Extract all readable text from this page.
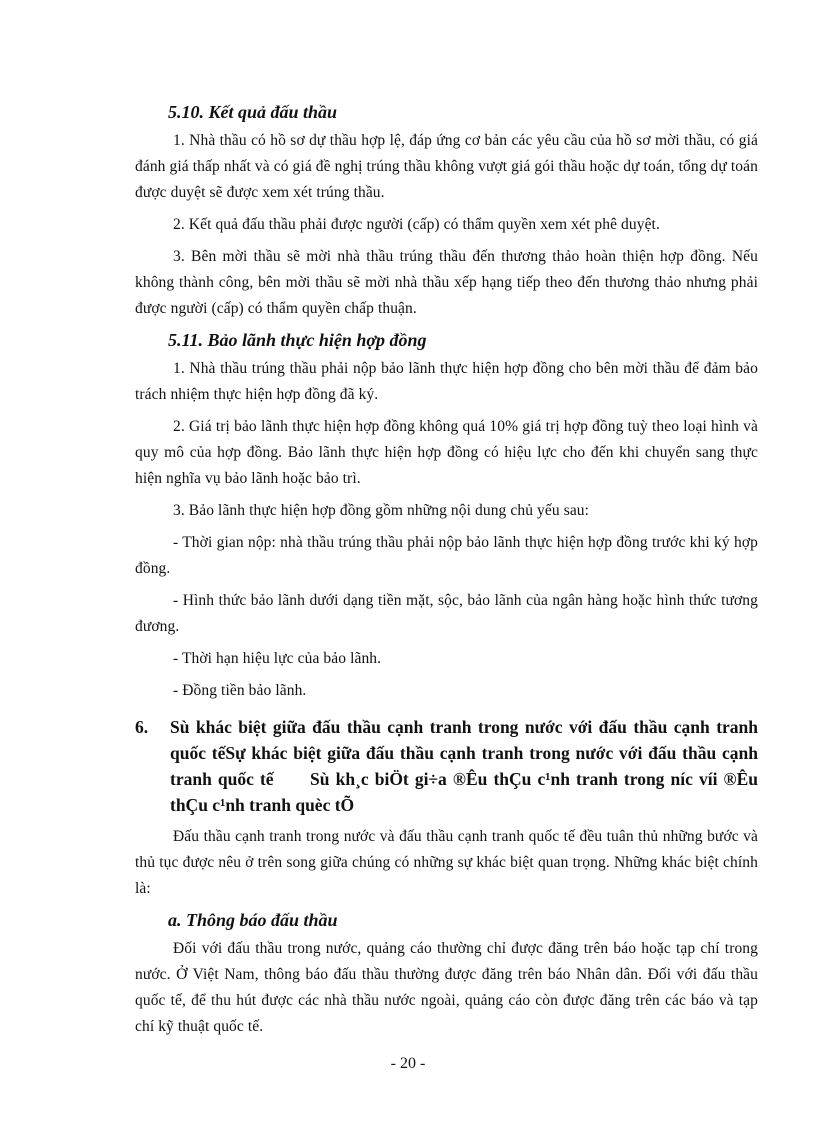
5.10. Kết quả đấu thầu

1. Nhà thầu có hồ sơ dự thầu hợp lệ, đáp ứng cơ bản các yêu cầu của hồ sơ mời thầu, có giá đánh giá thấp nhất và có giá đề nghị trúng thầu không vượt giá gói thầu hoặc dự toán, tổng dự toán được duyệt sẽ được xem xét trúng thầu.

2. Kết quả đấu thầu phải được người (cấp) có thẩm quyền xem xét phê duyệt.

3. Bên mời thầu sẽ mời nhà thầu trúng thầu đến thương thảo hoàn thiện hợp đồng. Nếu không thành công, bên mời thầu sẽ mời nhà thầu xếp hạng tiếp theo đến thương thảo nhưng phải được người (cấp) có thẩm quyền chấp thuận.

5.11. Bảo lãnh thực hiện hợp đồng

1. Nhà thầu trúng thầu phải nộp bảo lãnh thực hiện hợp đồng cho bên mời thầu để đảm bảo trách nhiệm thực hiện hợp đồng đã ký.

2. Giá trị bảo lãnh thực hiện hợp đồng không quá 10% giá trị hợp đồng tuỳ theo loại hình và quy mô của hợp đồng. Bảo lãnh thực hiện hợp đồng có hiệu lực cho đến khi chuyển sang thực hiện nghĩa vụ bảo lãnh hoặc bảo trì.

3. Bảo lãnh thực hiện hợp đồng gồm những nội dung chủ yếu sau:

- Thời gian nộp: nhà thầu trúng thầu phải nộp bảo lãnh thực hiện hợp đồng trước khi ký hợp đồng.

- Hình thức bảo lãnh dưới dạng tiền mặt, sộc, bảo lãnh của ngân hàng hoặc hình thức tương đương.

- Thời hạn hiệu lực của bảo lãnh.

- Đồng tiền bảo lãnh.

6. Sù khác biệt giữa đấu thầu cạnh tranh trong nước với đấu thầu cạnh tranh quốc tếSự khác biệt giữa đấu thầu cạnh tranh trong nước với đấu thầu cạnh tranh quốc tế      Sù kh¸c biÖt gi÷a ®Êu thÇu c¹nh tranh trong níc víi ®Êu thÇu c¹nh tranh quèc tÕ

Đấu thầu cạnh tranh trong nước và đấu thầu cạnh tranh quốc tế đều tuân thủ những bước và thủ tục được nêu ở trên song giữa chúng có những sự khác biệt quan trọng. Những khác biệt chính là:

a. Thông báo đấu thầu

Đối với đấu thầu trong nước, quảng cáo thường chỉ được đăng trên báo hoặc tạp chí trong nước. Ở Việt Nam, thông báo đấu thầu thường được đăng trên báo Nhân dân. Đối với đấu thầu quốc tế, để thu hút được các nhà thầu nước ngoài, quảng cáo còn được đăng trên các báo và tạp chí kỹ thuật quốc tế.

- 20 -
